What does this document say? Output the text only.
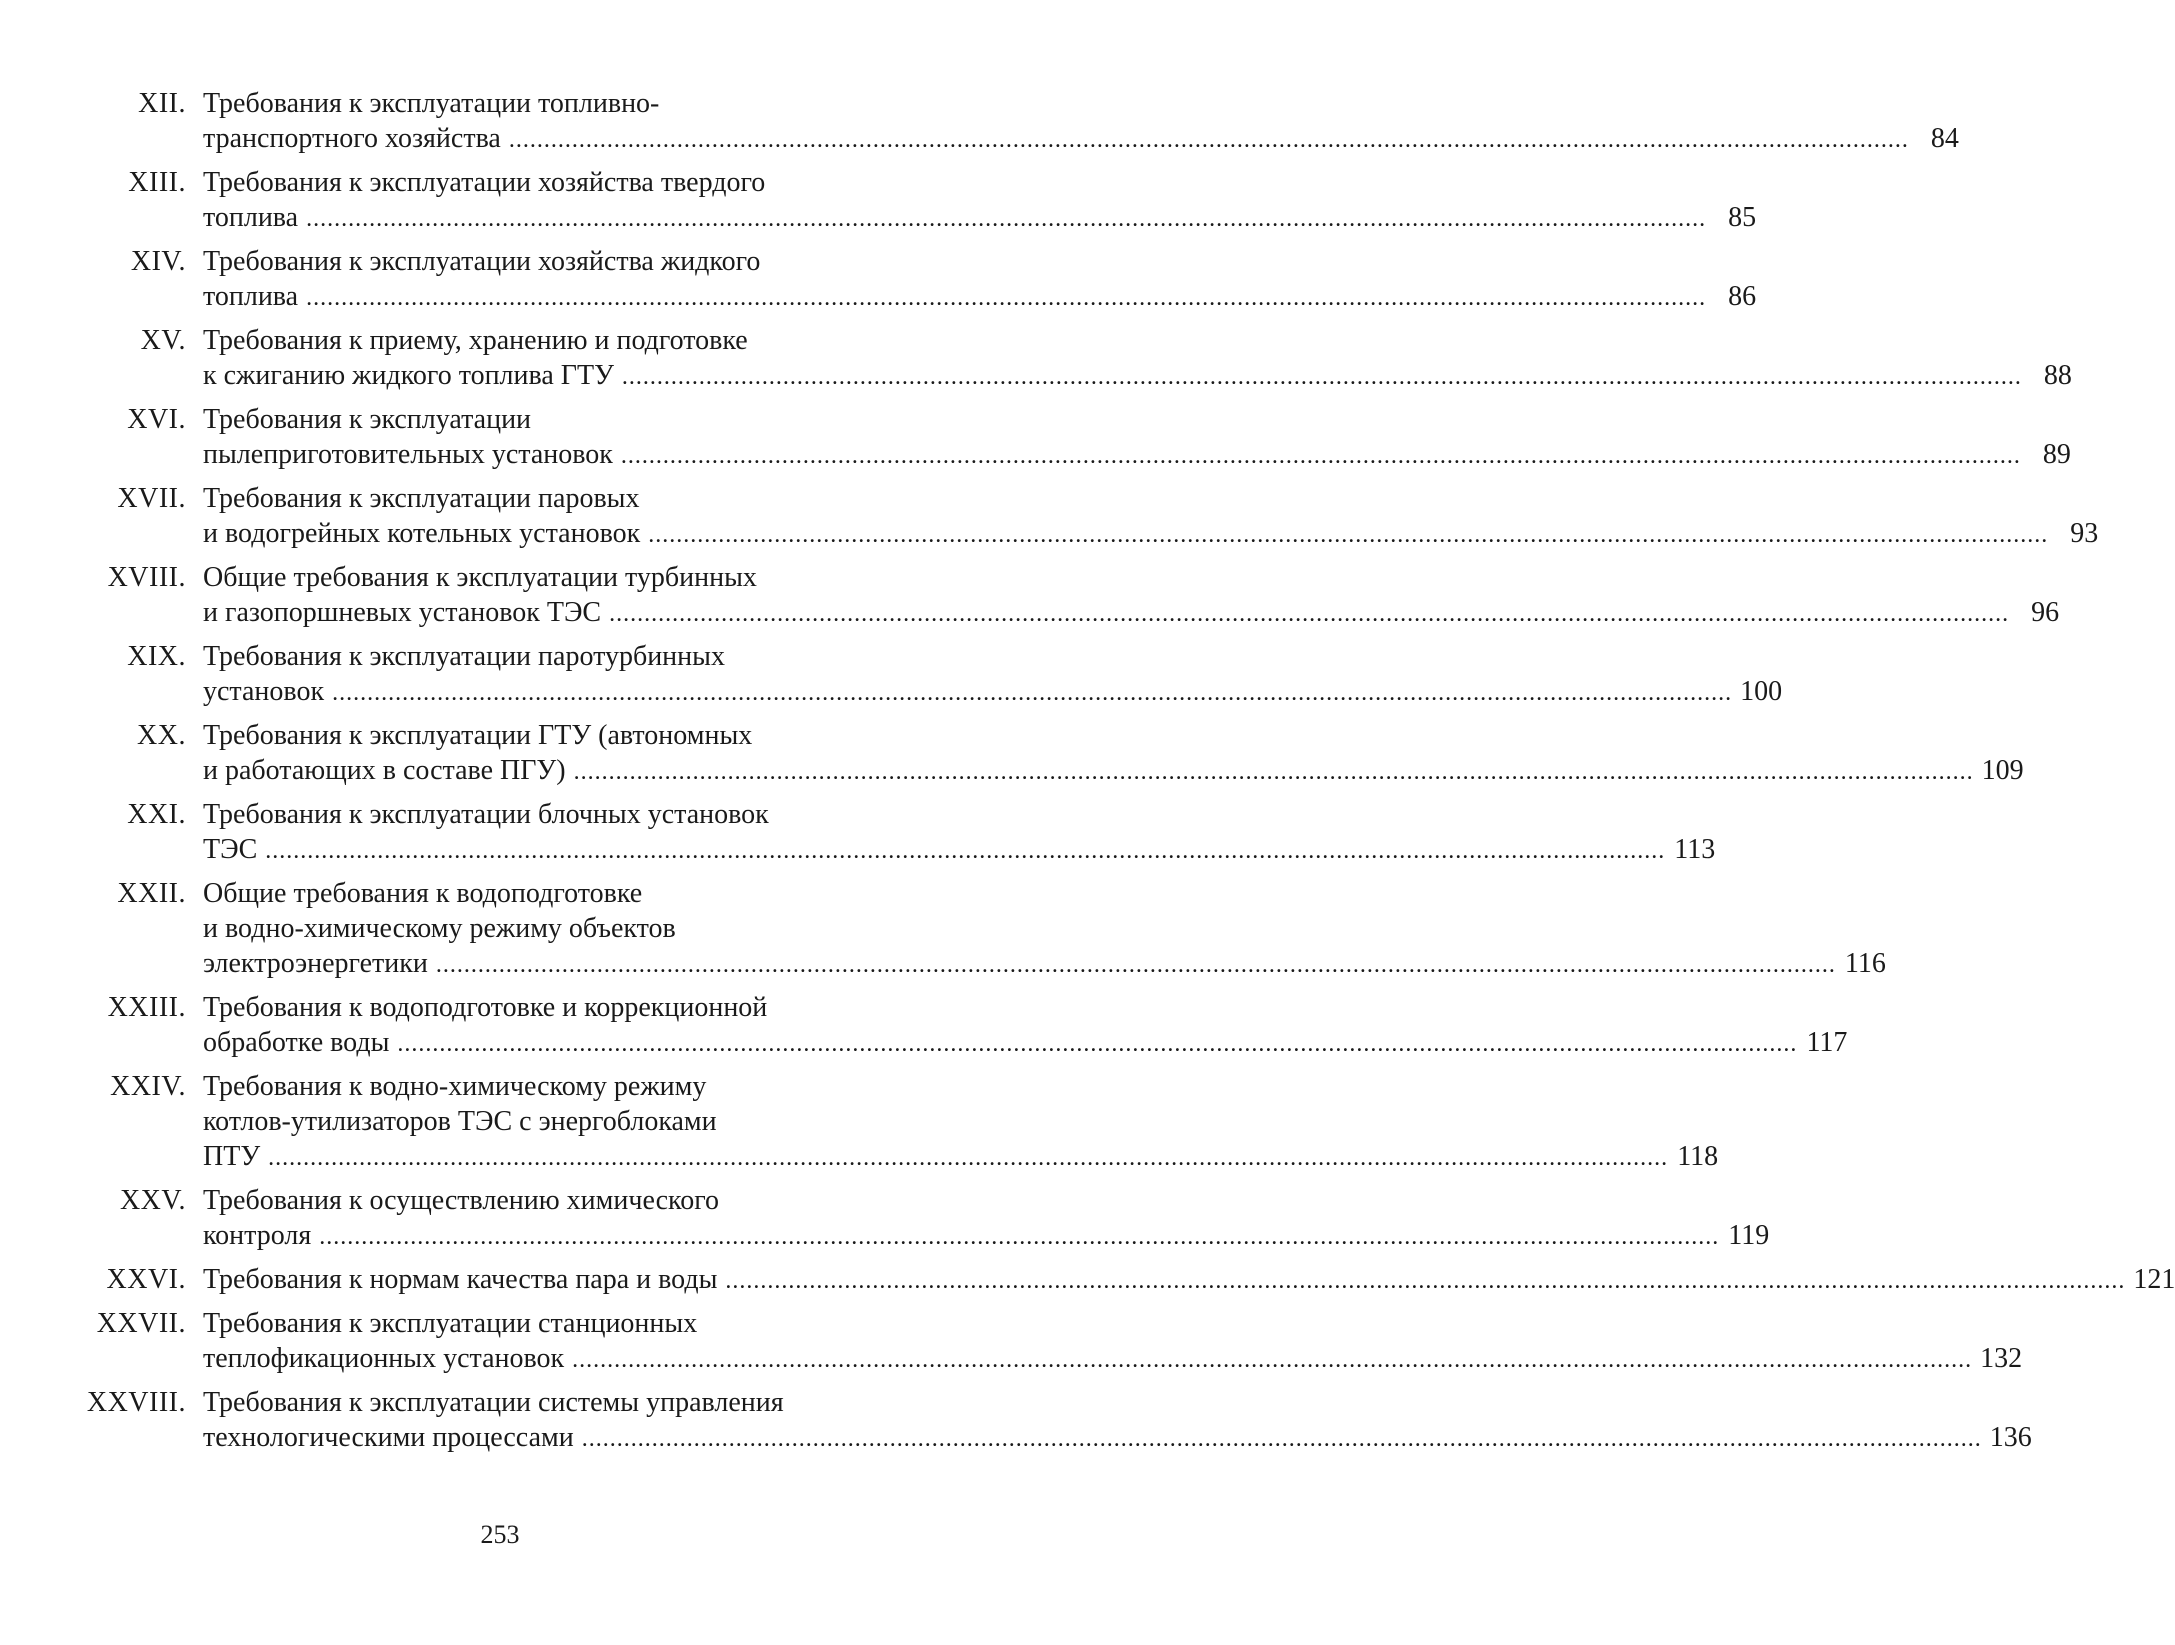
XII. Требования к эксплуатации топливно-
транспортного хозяйства ........................................................................................................................................................................................................ 84
XIII. Требования к эксплуатации хозяйства твердого
топлива ........................................................................................................................................................................................................ 85
XIV. Требования к эксплуатации хозяйства жидкого
топлива ........................................................................................................................................................................................................ 86
XV. Требования к приему, хранению и подготовке
к сжиганию жидкого топлива ГТУ ........................................................................................................................................................................................................ 88
XVI. Требования к эксплуатации
пылеприготовительных установок ........................................................................................................................................................................................................ 89
XVII. Требования к эксплуатации паровых
и водогрейных котельных установок ........................................................................................................................................................................................................ 93
XVIII. Общие требования к эксплуатации турбинных
и газопоршневых установок ТЭС ........................................................................................................................................................................................................ 96
XIX. Требования к эксплуатации паротурбинных
установок ........................................................................................................................................................................................................ 100
XX. Требования к эксплуатации ГТУ (автономных
и работающих в составе ПГУ) ........................................................................................................................................................................................................ 109
XXI. Требования к эксплуатации блочных установок
ТЭС ........................................................................................................................................................................................................ 113
XXII. Общие требования к водоподготовке
и водно-химическому режиму объектов
электроэнергетики ........................................................................................................................................................................................................ 116
XXIII. Требования к водоподготовке и коррекционной
обработке воды ........................................................................................................................................................................................................ 117
XXIV. Требования к водно-химическому режиму
котлов-утилизаторов ТЭС с энергоблоками
ПТУ ........................................................................................................................................................................................................ 118
XXV. Требования к осуществлению химического
контроля ........................................................................................................................................................................................................ 119
XXVI. Требования к нормам качества пара и воды ........................................................................................................................................................................................................ 121
XXVII. Требования к эксплуатации станционных
теплофикационных установок ........................................................................................................................................................................................................ 132
XXVIII. Требования к эксплуатации системы управления
технологическими процессами ........................................................................................................................................................................................................ 136
253
